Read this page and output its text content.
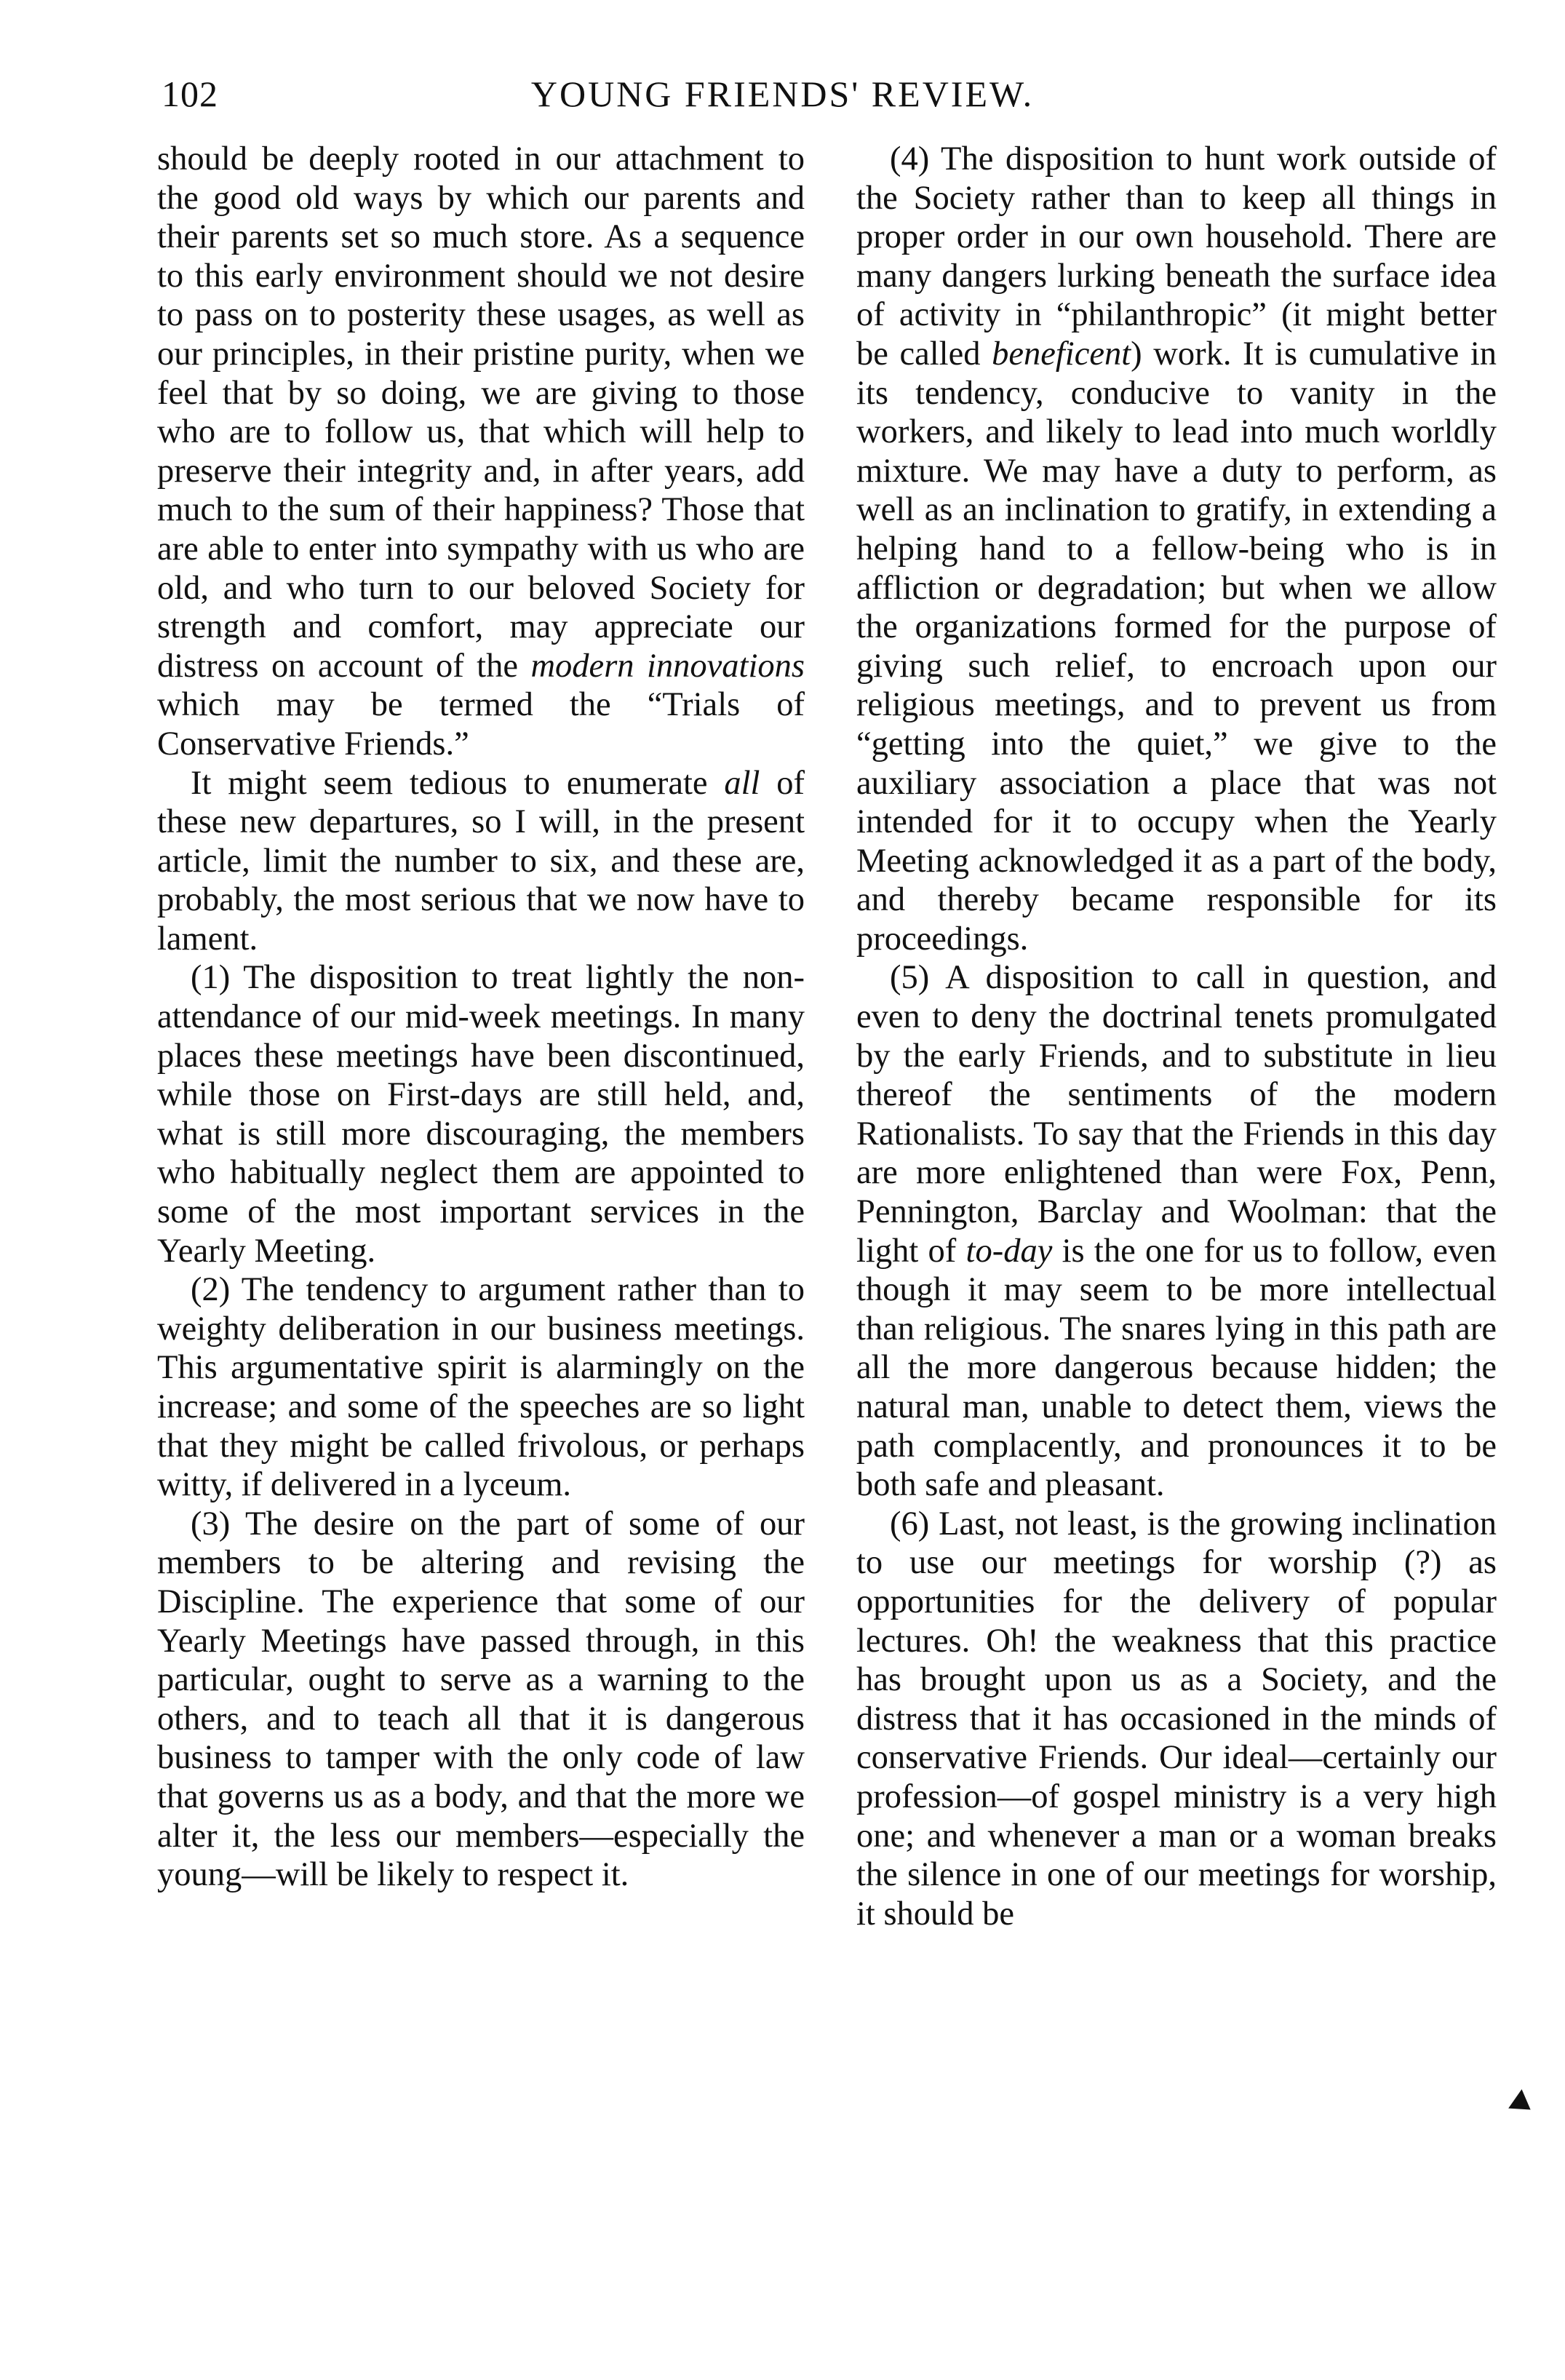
102	YOUNG FRIENDS' REVIEW.

should be deeply rooted in our attachment to the good old ways by which our parents and their parents set so much store. As a sequence to this early environment should we not desire to pass on to posterity these usages, as well as our principles, in their pristine purity, when we feel that by so doing, we are giving to those who are to follow us, that which will help to preserve their integrity and, in after years, add much to the sum of their happiness? Those that are able to enter into sympathy with us who are old, and who turn to our beloved Society for strength and comfort, may appreciate our distress on account of the modern innovations which may be termed the “Trials of Conservative Friends.”

It might seem tedious to enumerate all of these new departures, so I will, in the present article, limit the number to six, and these are, probably, the most serious that we now have to lament.

(1) The disposition to treat lightly the non-attendance of our mid-week meetings. In many places these meetings have been discontinued, while those on First-days are still held, and, what is still more discouraging, the members who habitually neglect them are appointed to some of the most important services in the Yearly Meeting.

(2) The tendency to argument rather than to weighty deliberation in our business meetings. This argumentative spirit is alarmingly on the increase; and some of the speeches are so light that they might be called frivolous, or perhaps witty, if delivered in a lyceum.

(3) The desire on the part of some of our members to be altering and revising the Discipline. The experience that some of our Yearly Meetings have passed through, in this particular, ought to serve as a warning to the others, and to teach all that it is dangerous business to tamper with the only code of law that governs us as a body, and that the more we alter it, the less our members—especially the young—will be likely to respect it.

(4) The disposition to hunt work outside of the Society rather than to keep all things in proper order in our own household. There are many dangers lurking beneath the surface idea of activity in “philanthropic” (it might better be called beneficent) work. It is cumulative in its tendency, conducive to vanity in the workers, and likely to lead into much worldly mixture. We may have a duty to perform, as well as an inclination to gratify, in extending a helping hand to a fellow-being who is in affliction or degradation; but when we allow the organizations formed for the purpose of giving such relief, to encroach upon our religious meetings, and to prevent us from “getting into the quiet,” we give to the auxiliary association a place that was not intended for it to occupy when the Yearly Meeting acknowledged it as a part of the body, and thereby became responsible for its proceedings.

(5) A disposition to call in question, and even to deny the doctrinal tenets promulgated by the early Friends, and to substitute in lieu thereof the sentiments of the modern Rationalists. To say that the Friends in this day are more enlightened than were Fox, Penn, Pennington, Barclay and Woolman: that the light of to-day is the one for us to follow, even though it may seem to be more intellectual than religious. The snares lying in this path are all the more dangerous because hidden; the natural man, unable to detect them, views the path complacently, and pronounces it to be both safe and pleasant.

(6) Last, not least, is the growing inclination to use our meetings for worship (?) as opportunities for the delivery of popular lectures. Oh! the weakness that this practice has brought upon us as a Society, and the distress that it has occasioned in the minds of conservative Friends. Our ideal—certainly our profession—of gospel ministry is a very high one; and whenever a man or a woman breaks the silence in one of our meetings for worship, it should be
